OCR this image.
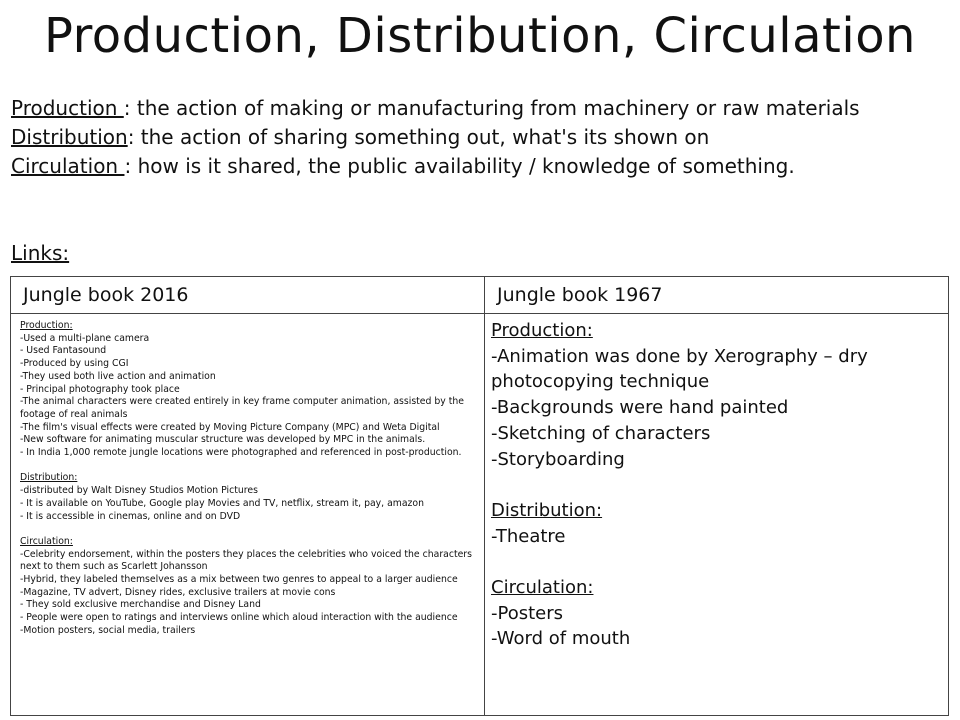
Production, Distribution, Circulation

Production : the action of making or manufacturing from machinery or raw materials

Distribution: the action of sharing something out, what's its shown on

Circulation : how is it shared, the public availability / knowledge of something.

Links:
Jungle book 2016	Jungle book 1967
Production:
-Used a multi-plane camera
- Used Fantasound
-Produced by using CGI
-They used both live action and animation
- Principal photography took place
-The animal characters were created entirely in key frame computer animation, assisted by the footage of real animals
-The film's visual effects were created by Moving Picture Company (MPC) and Weta Digital
-New software for animating muscular structure was developed by MPC in the animals.
- In India 1,000 remote jungle locations were photographed and referenced in post-production.
Distribution:
-distributed by Walt Disney Studios Motion Pictures
- It is available on YouTube, Google play Movies and TV, netflix, stream it, pay, amazon
- It is accessible in cinemas, online and on DVD
Circulation:
-Celebrity endorsement, within the posters they places the celebrities who voiced the characters next to them such as Scarlett Johansson
-Hybrid, they labeled themselves as a mix between two genres to appeal to a larger audience
-Magazine, TV advert, Disney rides, exclusive trailers at movie cons
- They sold exclusive merchandise and Disney Land
- People were open to ratings and interviews online which aloud interaction with the audience
-Motion posters, social media, trailers
Production:
-Animation was done by Xerography – dry photocopying technique
-Backgrounds were hand painted
-Sketching of characters
-Storyboarding
Distribution:
-Theatre
Circulation:
-Posters
-Word of mouth
